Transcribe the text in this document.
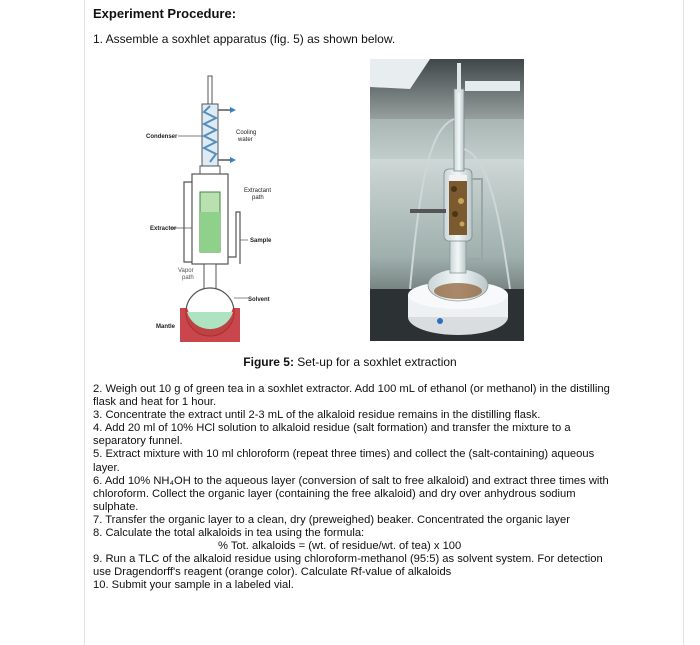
Experiment Procedure:
1. Assemble a soxhlet apparatus (fig. 5) as shown below.
Condenser
Cooling
water
Extractant
path
Extractor
Sample
Vapor
path
Solvent
Mantle
Figure 5: Set-up for a soxhlet extraction

2. Weigh out 10 g of green tea in a soxhlet extractor. Add 100 mL of ethanol (or methanol) in the distilling flask and heat for 1 hour.

3. Concentrate the extract until 2-3 mL of the alkaloid residue remains in the distilling flask.

4. Add 20 ml of 10% HCl solution to alkaloid residue (salt formation) and transfer the mixture to a separatory funnel.

5. Extract mixture with 10 ml chloroform (repeat three times) and collect the (salt-containing) aqueous layer.

6. Add 10% NH₄OH to the aqueous layer (conversion of salt to free alkaloid) and extract three times with chloroform. Collect the organic layer (containing the free alkaloid) and dry over anhydrous sodium sulphate.

7. Transfer the organic layer to a clean, dry (preweighed) beaker. Concentrated the organic layer

8. Calculate the total alkaloids in tea using the formula:

% Tot. alkaloids = (wt. of residue/wt. of tea) x 100

9. Run a TLC of the alkaloid residue using chloroform-methanol (95:5) as solvent system. For detection use Dragendorff's reagent (orange color). Calculate Rf-value of alkaloids

10. Submit your sample in a labeled vial.
